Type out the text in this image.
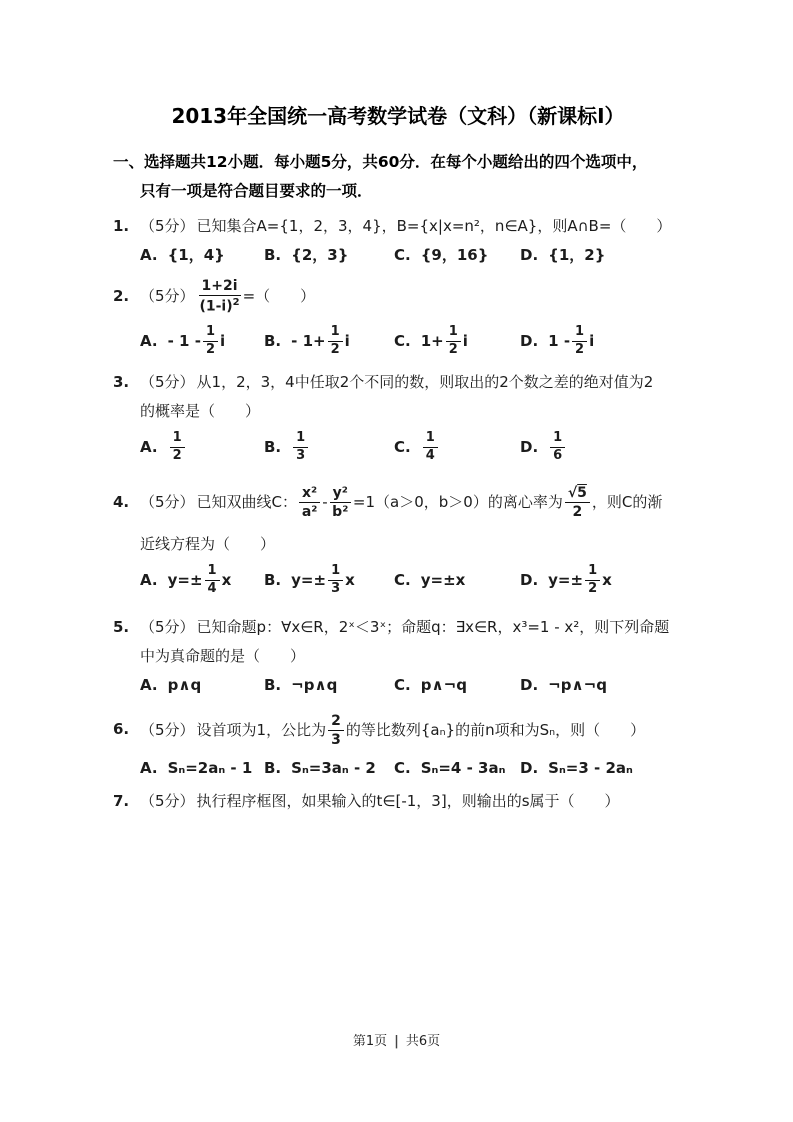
2013年全国统一高考数学试卷（文科）（新课标Ⅰ）
一、选择题共12小题．每小题5分，共60分．在每个小题给出的四个选项中，
只有一项是符合题目要求的一项．
1. （5分） 已知集合A={1，2，3，4}，B={x|x=n²，n∈A}，则A∩B=（　　）
A. {1，4}	B. {2，3}	C. {9，16} D. {1，2}
2. （5分） $\frac{1+2i}{(1-i)^2}$ =（　　）
A. - $1 - \frac{1}{2}$ i	B. - $1+ \frac{1}{2}$ i	C. $1+ \frac{1}{2}$ i	D. $1 - \frac{1}{2}$ i
3. （5分） 从1，2，3，4中任取2个不同的数，则取出的2个数之差的绝对值为2
的概率是（　　）
A. $\frac{1}{2}$	B. $\frac{1}{3}$	C. $\frac{1}{4}$	D. $\frac{1}{6}$
4. （5分） 已知双曲线C： $\frac{\text{x²}}{\text{a²}} - \frac{\text{y²}}{\text{b²}} =1(a>0$，b＞0）的离心率为 $\frac{√5}{2}$ ，则C的渐
近线方程为（　　）
A. $y=\pm \frac{1}{4}$ x B. $y=\pm \frac{1}{3}$ x	C. y=±x	D. $y=\pm \frac{1}{2}$ x
5. （5分） 已知命题p：∀x∈R，2ˣ＜3ˣ；命题q：∃x∈R，x³=1 - x²，则下列命题
中为真命题的是（　　）
A. p∧q	B. ¬p∧q	C. p∧¬q	D. ¬p∧¬q
6. （5分） 设首项为1，公比为 $\frac{2}{3}$ 的等比数列{aₙ}的前n项和为Sₙ，则（　　）
A. Sₙ=2aₙ - 1 B. Sₙ=3aₙ - 2 C. Sₙ=4 - 3aₙ D. Sₙ=3 - 2aₙ
7. （5分） 执行程序框图，如果输入的t∈[-1，3]，则输出的s属于（　　）
第1页 | 共6页
